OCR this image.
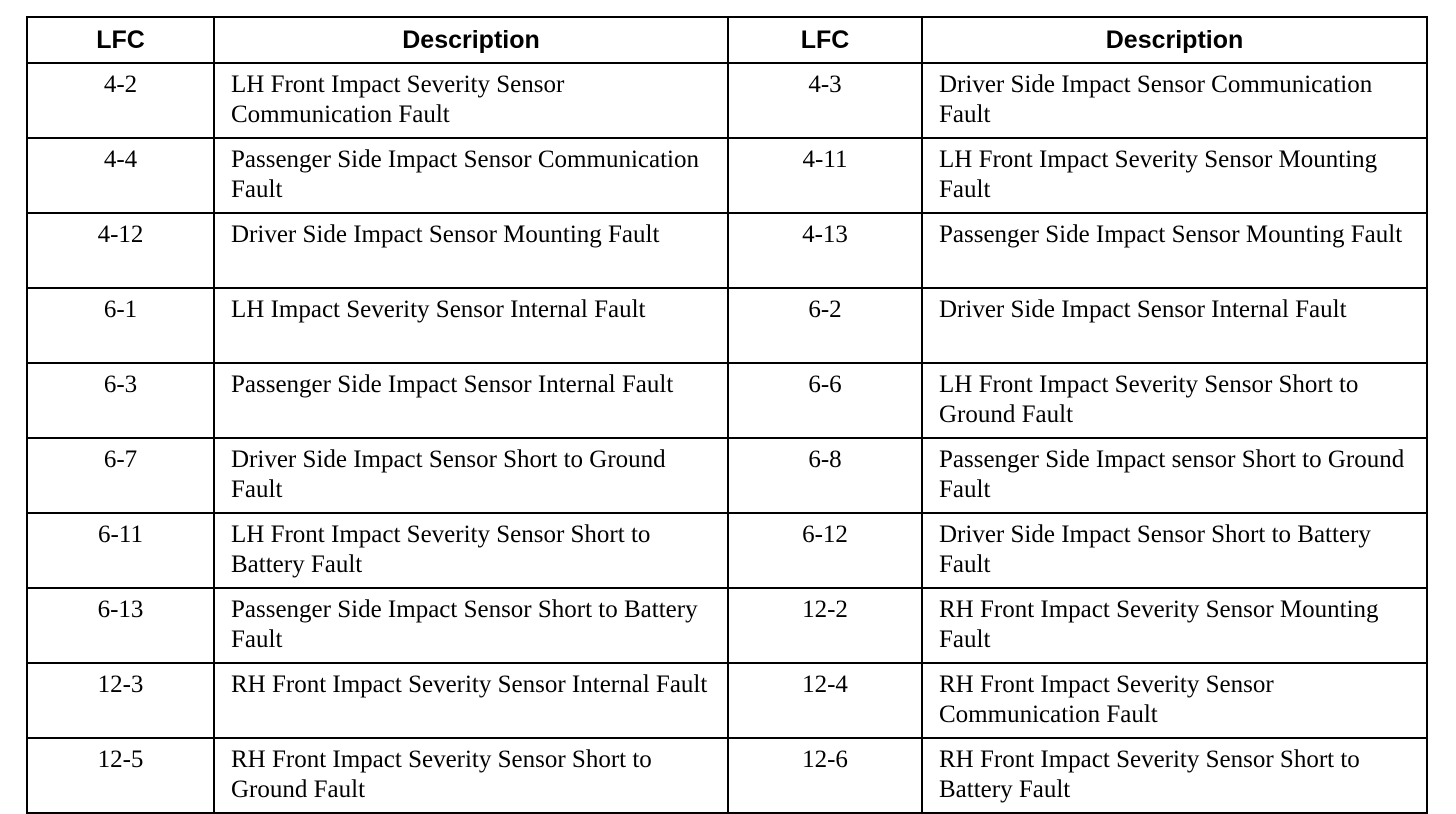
LFC	Description	LFC	Description
4-2	LH Front Impact Severity Sensor Communication Fault	4-3	Driver Side Impact Sensor Communication Fault
4-4	Passenger Side Impact Sensor Communication Fault	4-11	LH Front Impact Severity Sensor Mounting Fault
4-12	Driver Side Impact Sensor Mounting Fault	4-13	Passenger Side Impact Sensor Mounting Fault
6-1	LH Impact Severity Sensor Internal Fault	6-2	Driver Side Impact Sensor Internal Fault
6-3	Passenger Side Impact Sensor Internal Fault	6-6	LH Front Impact Severity Sensor Short to Ground Fault
6-7	Driver Side Impact Sensor Short to Ground Fault	6-8	Passenger Side Impact sensor Short to Ground Fault
6-11	LH Front Impact Severity Sensor Short to Battery Fault	6-12	Driver Side Impact Sensor Short to Battery Fault
6-13	Passenger Side Impact Sensor Short to Battery Fault	12-2	RH Front Impact Severity Sensor Mounting Fault
12-3	RH Front Impact Severity Sensor Internal Fault	12-4	RH Front Impact Severity Sensor Communication Fault
12-5	RH Front Impact Severity Sensor Short to Ground Fault	12-6	RH Front Impact Severity Sensor Short to Battery Fault
